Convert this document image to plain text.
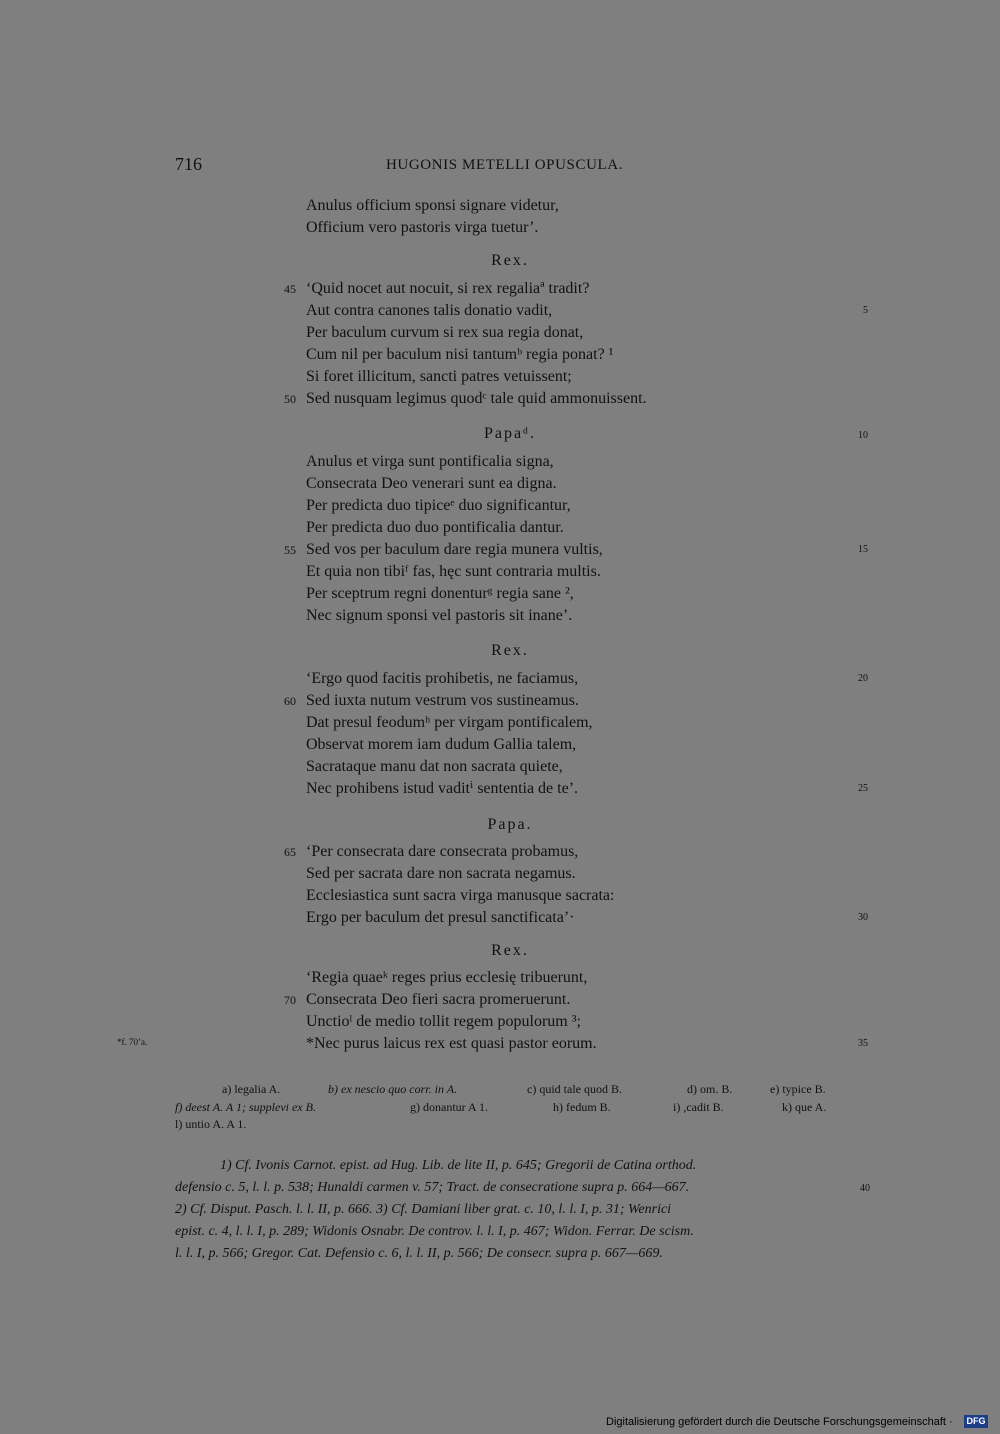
716	HUGONIS METELLI OPUSCULA.
Rex.
Papaᵈ.	10
Rex.
Papa.
Rex.
Anulus officium sponsi signare videtur,
Officium vero pastoris virga tuetur’.
‘Quid nocet aut nocuit, si rex regaliaª tradit?
45
Aut contra canones talis donatio vadit,	5
Per baculum curvum si rex sua regia donat,
Cum nil per baculum nisi tantumᵇ regia ponat? ¹
Si foret illicitum, sancti patres vetuissent;
Sed nusquam legimus quodᶜ tale quid ammonuissent.
50
Anulus et virga sunt pontificalia signa,
Consecrata Deo venerari sunt ea digna.
Per predicta duo tipiceᵉ duo significantur,
Per predicta duo duo pontificalia dantur.
Sed vos per baculum dare regia munera vultis,
55	15
Et quia non tibiᶠ fas, hęc sunt contraria multis.
Per sceptrum regni donenturᵍ regia sane ²,
Nec signum sponsi vel pastoris sit inane’.
‘Ergo quod facitis prohibetis, ne faciamus,	20
Sed iuxta nutum vestrum vos sustineamus.
60
Dat presul feodumʰ per virgam pontificalem,
Observat morem iam dudum Gallia talem,
Sacrataque manu dat non sacrata quiete,
Nec prohibens istud vaditⁱ sententia de te’.	25
‘Per consecrata dare consecrata probamus,
65
Sed per sacrata dare non sacrata negamus.
Ecclesiastica sunt sacra virga manusque sacrata:
Ergo per baculum det presul sanctificata’·	30
‘Regia quaeᵏ reges prius ecclesię tribuerunt,
Consecrata Deo fieri sacra promeruerunt.
70
Unctioˡ de medio tollit regem populorum ³;
*Nec purus laicus rex est quasi pastor eorum.	35
*f. 70’a.
a) legalia A.	b) ex nescio quo corr. in A.	c) quid tale quod B.	d) om. B.	e) typice B.
f) deest A. A 1; supplevi ex B.	g) donantur A 1.	h) fedum B.	i) ,cadit B.	k) que A.
l) untio A. A 1.
1) Cf. Ivonis Carnot. epist. ad Hug. Lib. de lite II, p. 645; Gregorii de Catina orthod.
defensio c. 5, l. l. p. 538; Hunaldi carmen v. 57; Tract. de consecratione supra p. 664—667.
2) Cf. Disput. Pasch. l. l. II, p. 666. 3) Cf. Damiani liber grat. c. 10, l. l. I, p. 31; Wenrici
epist. c. 4, l. l. I, p. 289; Widonis Osnabr. De controv. l. l. I, p. 467; Widon. Ferrar. De scism.
l. l. I, p. 566; Gregor. Cat. Defensio c. 6, l. l. II, p. 566; De consecr. supra p. 667—669.
40
Digitalisierung gefördert durch die Deutsche Forschungsgemeinschaft · DFG
